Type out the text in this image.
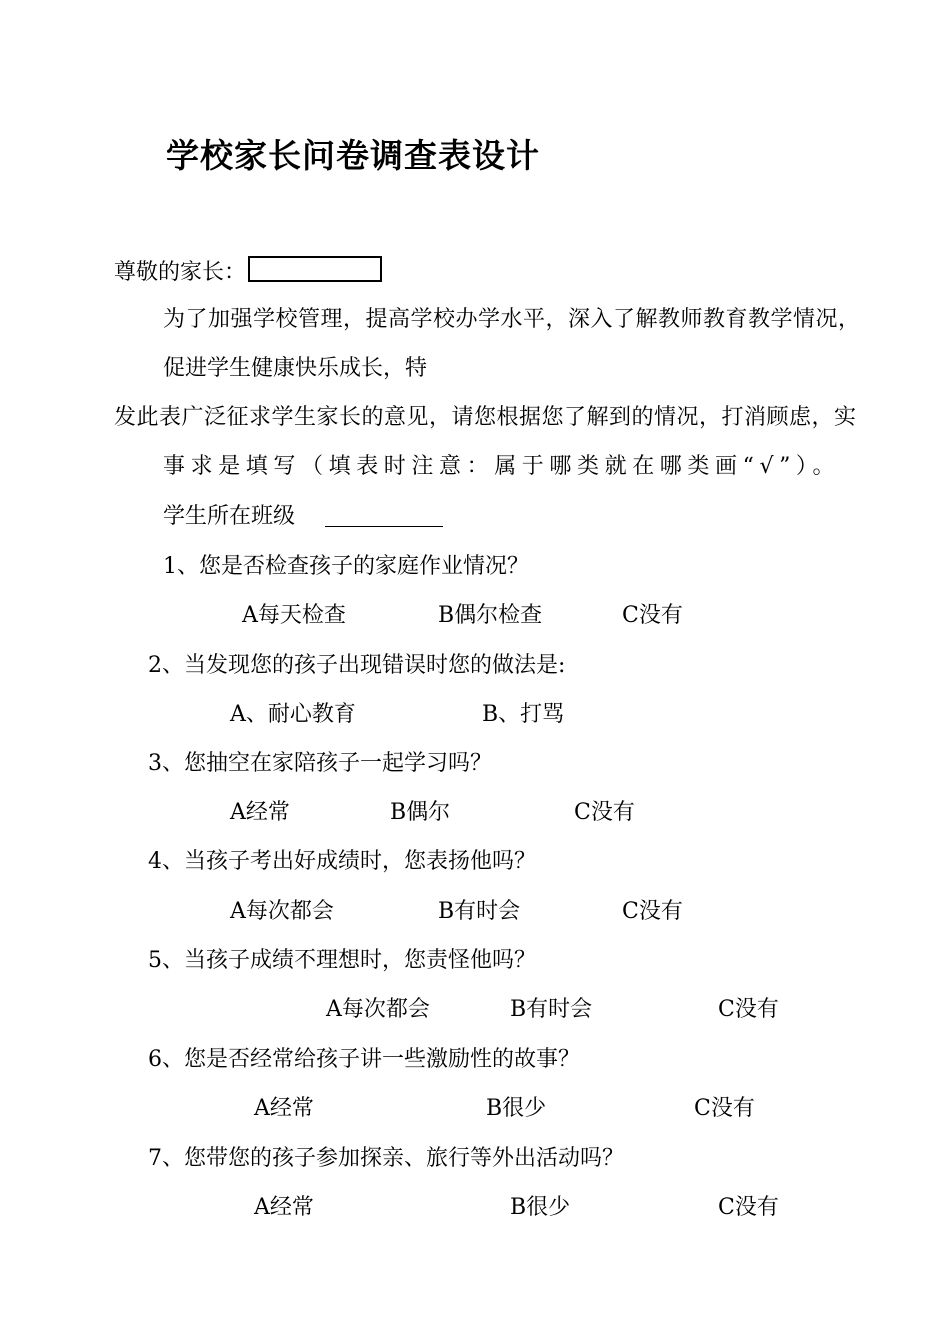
学校家长问卷调查表设计
尊敬的家长：
为了加强学校管理，提高学校办学水平，深入了解教师教育教学情况，
促进学生健康快乐成长，特
发此表广泛征求学生家长的意见，请您根据您了解到的情况，打消顾虑，实
事求是填写（填表时注意：属于哪类就在哪类画“√”）。
学生所在班级
1、您是否检查孩子的家庭作业情况？
A每天检查	B偶尔检查	C没有
2、当发现您的孩子出现错误时您的做法是:
A、耐心教育	B、打骂
3、您抽空在家陪孩子一起学习吗？
A经常	B偶尔	C没有
4、当孩子考出好成绩时，您表扬他吗？
A每次都会	B有时会	C没有
5、当孩子成绩不理想时，您责怪他吗？
A每次都会	B有时会	C没有
6、您是否经常给孩子讲一些激励性的故事？
A经常	B很少	C没有
7、您带您的孩子参加探亲、旅行等外出活动吗？
A经常	B很少	C没有
